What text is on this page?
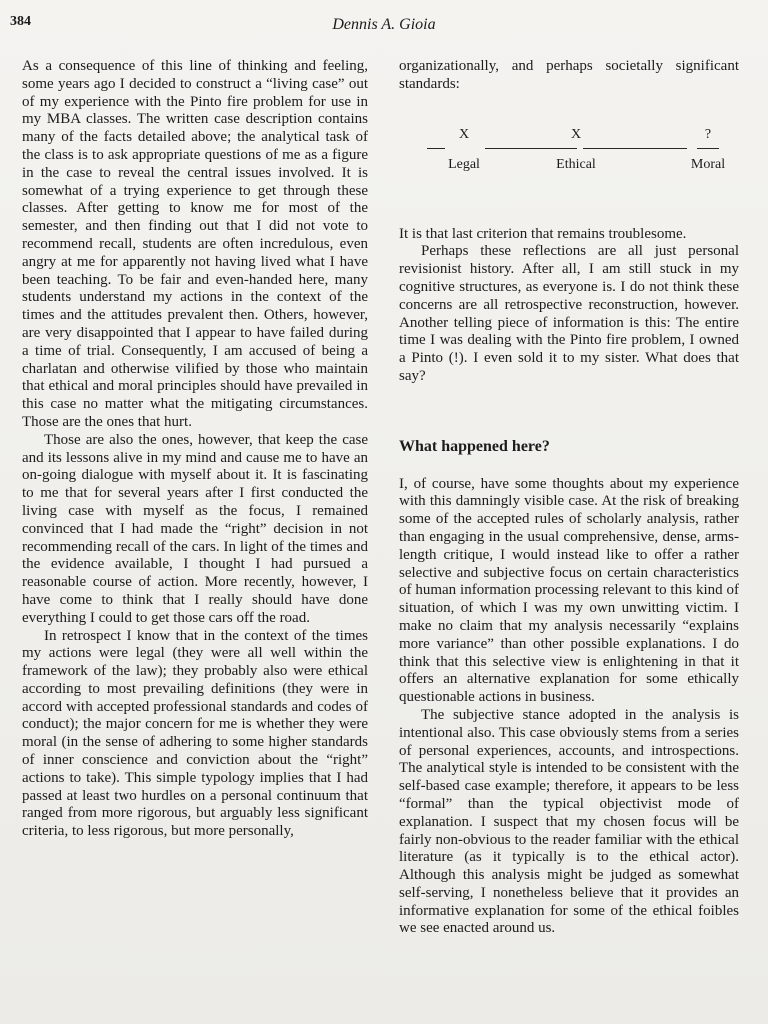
384	Dennis A. Gioia

As a consequence of this line of thinking and feeling, some years ago I decided to construct a “living case” out of my experience with the Pinto fire problem for use in my MBA classes. The written case description contains many of the facts detailed above; the analytical task of the class is to ask appropriate questions of me as a figure in the case to reveal the central issues involved. It is somewhat of a trying experience to get through these classes. After getting to know me for most of the semester, and then finding out that I did not vote to recommend recall, students are often incredulous, even angry at me for apparently not having lived what I have been teaching. To be fair and even-handed here, many students understand my actions in the context of the times and the attitudes prevalent then. Others, however, are very disappointed that I appear to have failed during a time of trial. Consequently, I am accused of being a charlatan and otherwise vilified by those who maintain that ethical and moral principles should have prevailed in this case no matter what the mitigating circumstances. Those are the ones that hurt.

Those are also the ones, however, that keep the case and its lessons alive in my mind and cause me to have an on-going dialogue with myself about it. It is fascinating to me that for several years after I first conducted the living case with myself as the focus, I remained convinced that I had made the “right” decision in not recommending recall of the cars. In light of the times and the evidence available, I thought I had pursued a reasonable course of action. More recently, however, I have come to think that I really should have done everything I could to get those cars off the road.

In retrospect I know that in the context of the times my actions were legal (they were all well within the framework of the law); they probably also were ethical according to most prevailing definitions (they were in accord with accepted professional standards and codes of conduct); the major concern for me is whether they were moral (in the sense of adhering to some higher standards of inner conscience and conviction about the “right” actions to take). This simple typology implies that I had passed at least two hurdles on a personal continuum that ranged from more rigorous, but arguably less significant criteria, to less rigorous, but more personally,

organizationally, and perhaps societally significant standards:

X	X	?
Legal	Ethical	Moral

It is that last criterion that remains troublesome.

Perhaps these reflections are all just personal revisionist history. After all, I am still stuck in my cognitive structures, as everyone is. I do not think these concerns are all retrospective reconstruction, however. Another telling piece of information is this: The entire time I was dealing with the Pinto fire problem, I owned a Pinto (!). I even sold it to my sister. What does that say?

What happened here?

I, of course, have some thoughts about my experience with this damningly visible case. At the risk of breaking some of the accepted rules of scholarly analysis, rather than engaging in the usual comprehensive, dense, arms-length critique, I would instead like to offer a rather selective and subjective focus on certain characteristics of human information processing relevant to this kind of situation, of which I was my own unwitting victim. I make no claim that my analysis necessarily “explains more variance” than other possible explanations. I do think that this selective view is enlightening in that it offers an alternative explanation for some ethically questionable actions in business.

The subjective stance adopted in the analysis is intentional also. This case obviously stems from a series of personal experiences, accounts, and introspections. The analytical style is intended to be consistent with the self-based case example; therefore, it appears to be less “formal” than the typical objectivist mode of explanation. I suspect that my chosen focus will be fairly non-obvious to the reader familiar with the ethical literature (as it typically is to the ethical actor). Although this analysis might be judged as somewhat self-serving, I nonetheless believe that it provides an informative explanation for some of the ethical foibles we see enacted around us.
